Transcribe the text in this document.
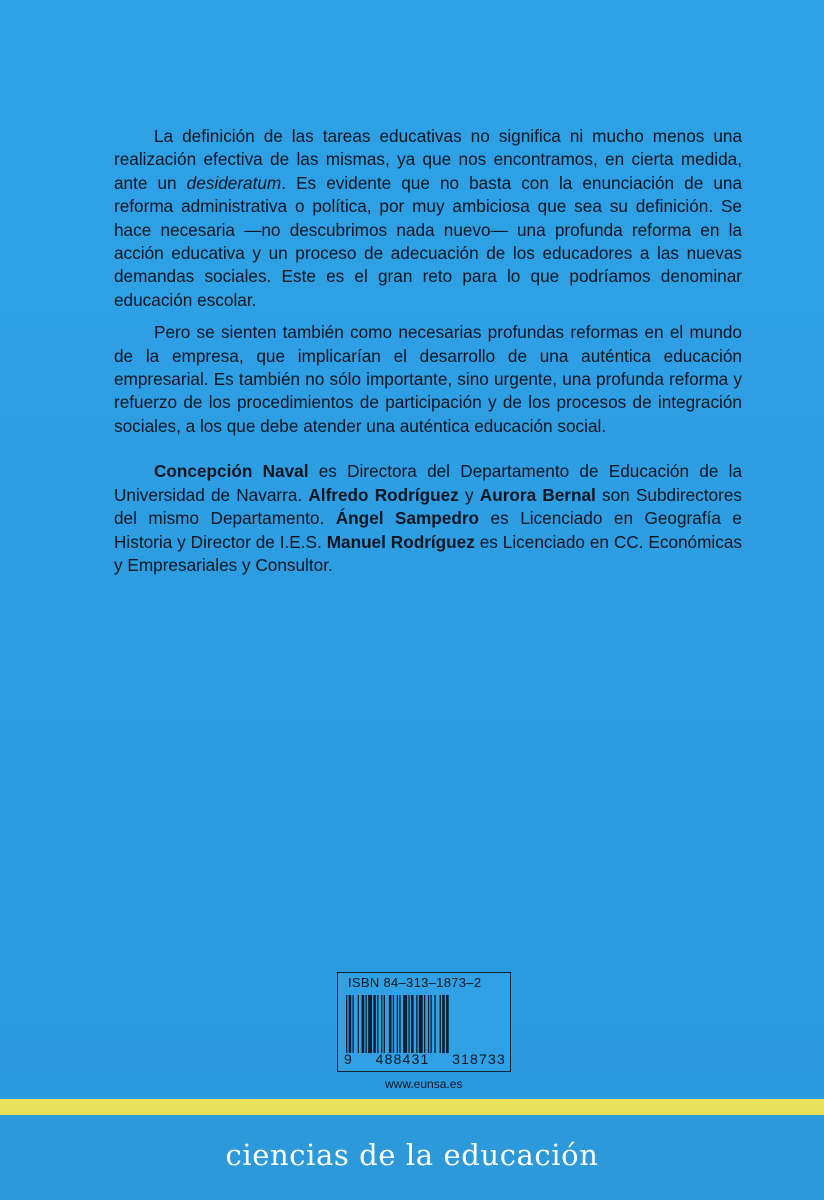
La definición de las tareas educativas no significa ni mucho menos una realización efectiva de las mismas, ya que nos encontramos, en cierta medida, ante un desideratum. Es evidente que no basta con la enunciación de una reforma administrativa o política, por muy ambiciosa que sea su definición. Se hace necesaria —no descubrimos nada nuevo— una profunda reforma en la acción educativa y un proceso de adecuación de los educadores a las nuevas demandas sociales. Este es el gran reto para lo que podríamos denominar educación escolar.

Pero se sienten también como necesarias profundas reformas en el mundo de la empresa, que implicarían el desarrollo de una auténtica educación empresarial. Es también no sólo importante, sino urgente, una profunda reforma y refuerzo de los procedimientos de participación y de los procesos de integración sociales, a los que debe atender una auténtica educación social.

Concepción Naval es Directora del Departamento de Educación de la Universidad de Navarra. Alfredo Rodríguez y Aurora Bernal son Subdirectores del mismo Departamento. Ángel Sampedro es Licenciado en Geografía e Historia y Director de I.E.S. Manuel Rodríguez es Licenciado en CC. Económicas y Empresariales y Consultor.

ISBN 84–313–1873–2
9 488431 318733
www.eunsa.es
ciencias de la educación
